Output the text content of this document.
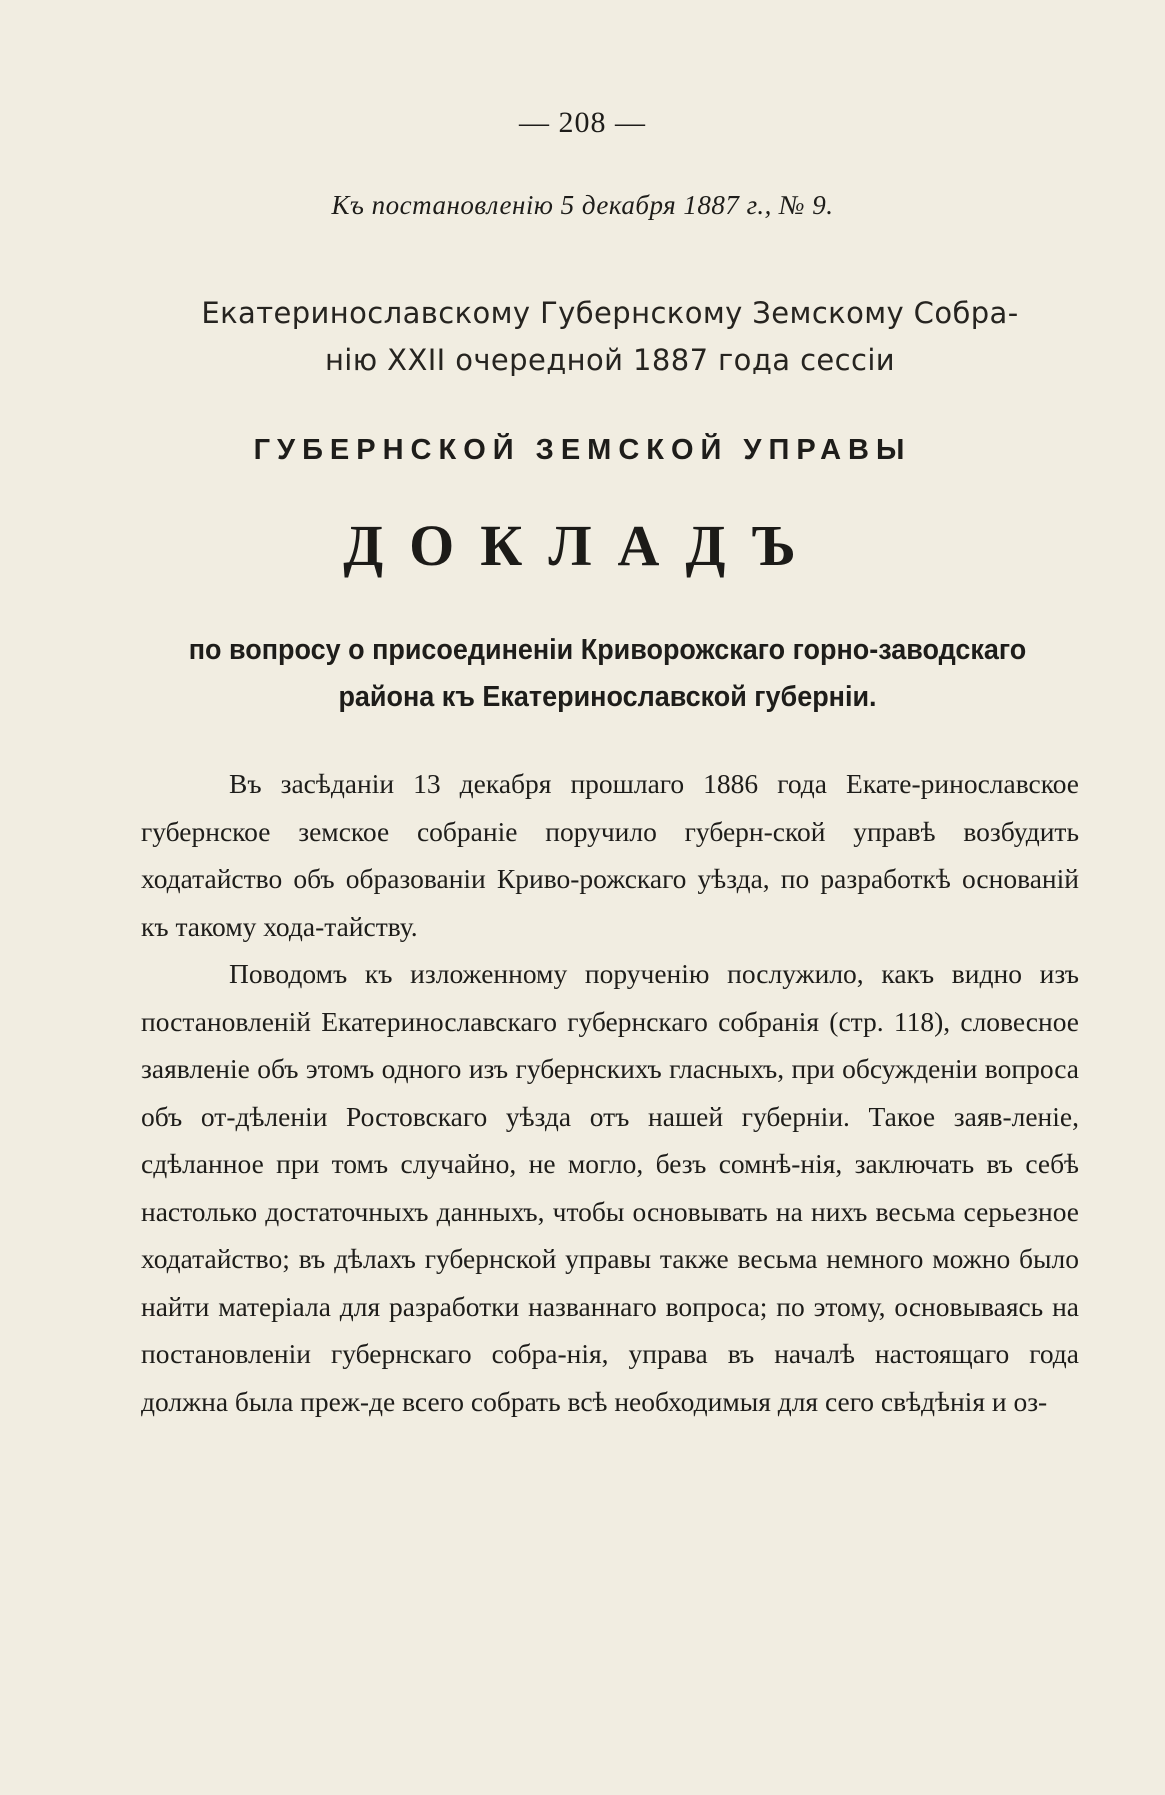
— 208 —
Къ постановленію 5 декабря 1887 г., № 9.
Екатеринославскому Губернскому Земскому Собра-
нію XXII очередной 1887 года сессіи
ГУБЕРНСКОЙ ЗЕМСКОЙ УПРАВЫ
ДОКЛАДЪ
по вопросу о присоединеніи Криворожскаго горно-заводскаго
района къ Екатеринославской губерніи.

Въ засѣданіи 13 декабря прошлаго 1886 года Екате-риноcлавское губернское земское собраніе поручило губерн-ской управѣ возбудить ходатайство объ образованіи Криво-рожскаго уѣзда, по разработкѣ основаній къ такому хода-тайству.

Поводомъ къ изложенному порученію послужило, какъ видно изъ постановленій Екатеринославскаго губернскаго собранія (стр. 118), словесное заявленіе объ этомъ одного изъ губернскихъ гласныхъ, при обсужденіи вопроса объ от-дѣленіи Ростовскаго уѣзда отъ нашей губерніи. Такое заяв-леніе, сдѣланное при томъ случайно, не могло, безъ сомнѣ-нія, заключать въ себѣ настолько достаточныхъ данныхъ, чтобы основывать на нихъ весьма серьезное ходатайство; въ дѣлахъ губернской управы также весьма немного можно было найти матеріала для разработки названнаго вопроса; по этому, основываясь на постановленіи губернскаго собра-нія, управа въ началѣ настоящаго года должна была преж-де всего собрать всѣ необходимыя для сего свѣдѣнія и оз-
